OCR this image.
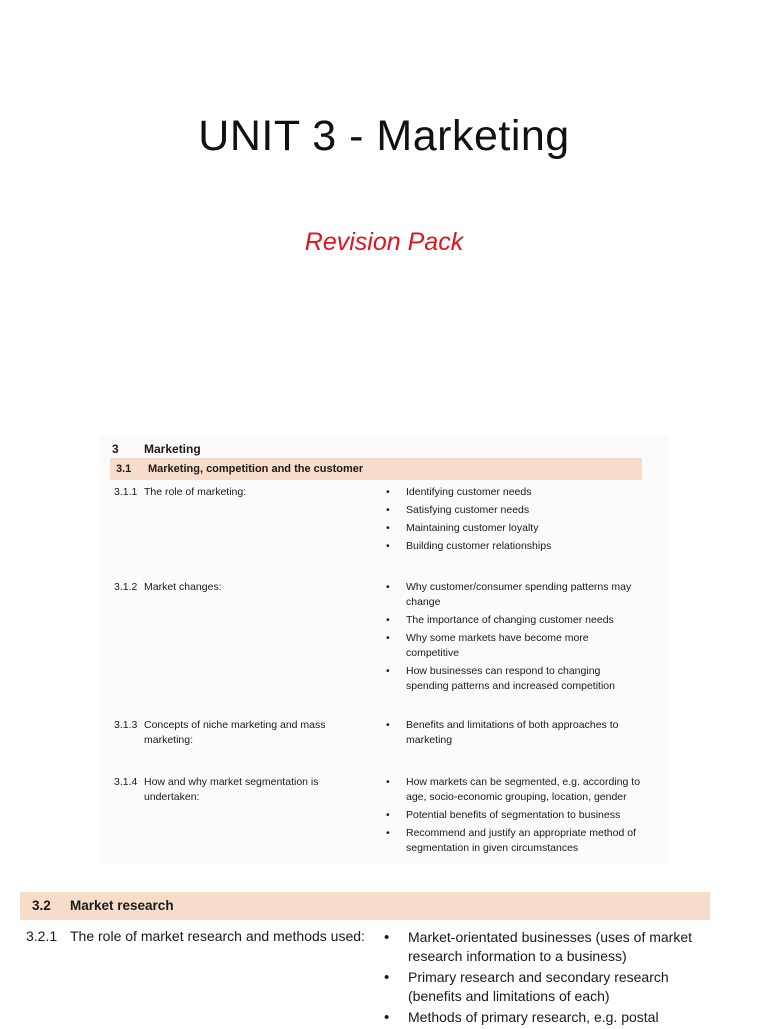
UNIT 3 - Marketing
Revision Pack
3 Marketing
3.1 Marketing, competition and the customer
3.1.1 The role of marketing:	• Identifying customer needs
• Satisfying customer needs
• Maintaining customer loyalty
• Building customer relationships
3.1.2 Market changes:	• Why customer/consumer spending patterns may change
• The importance of changing customer needs
• Why some markets have become more competitive
• How businesses can respond to changing spending patterns and increased competition
3.1.3 Concepts of niche marketing and mass marketing:
• Benefits and limitations of both approaches to marketing
3.1.4 How and why market segmentation is undertaken:
• How markets can be segmented, e.g. according to age, socio-economic grouping, location, gender
• Potential benefits of segmentation to business
• Recommend and justify an appropriate method of segmentation in given circumstances
3.2 Market research
3.2.1 The role of market research and methods used:	• Market-orientated businesses (uses of market research information to a business)
• Primary research and secondary research (benefits and limitations of each)
• Methods of primary research, e.g. postal
